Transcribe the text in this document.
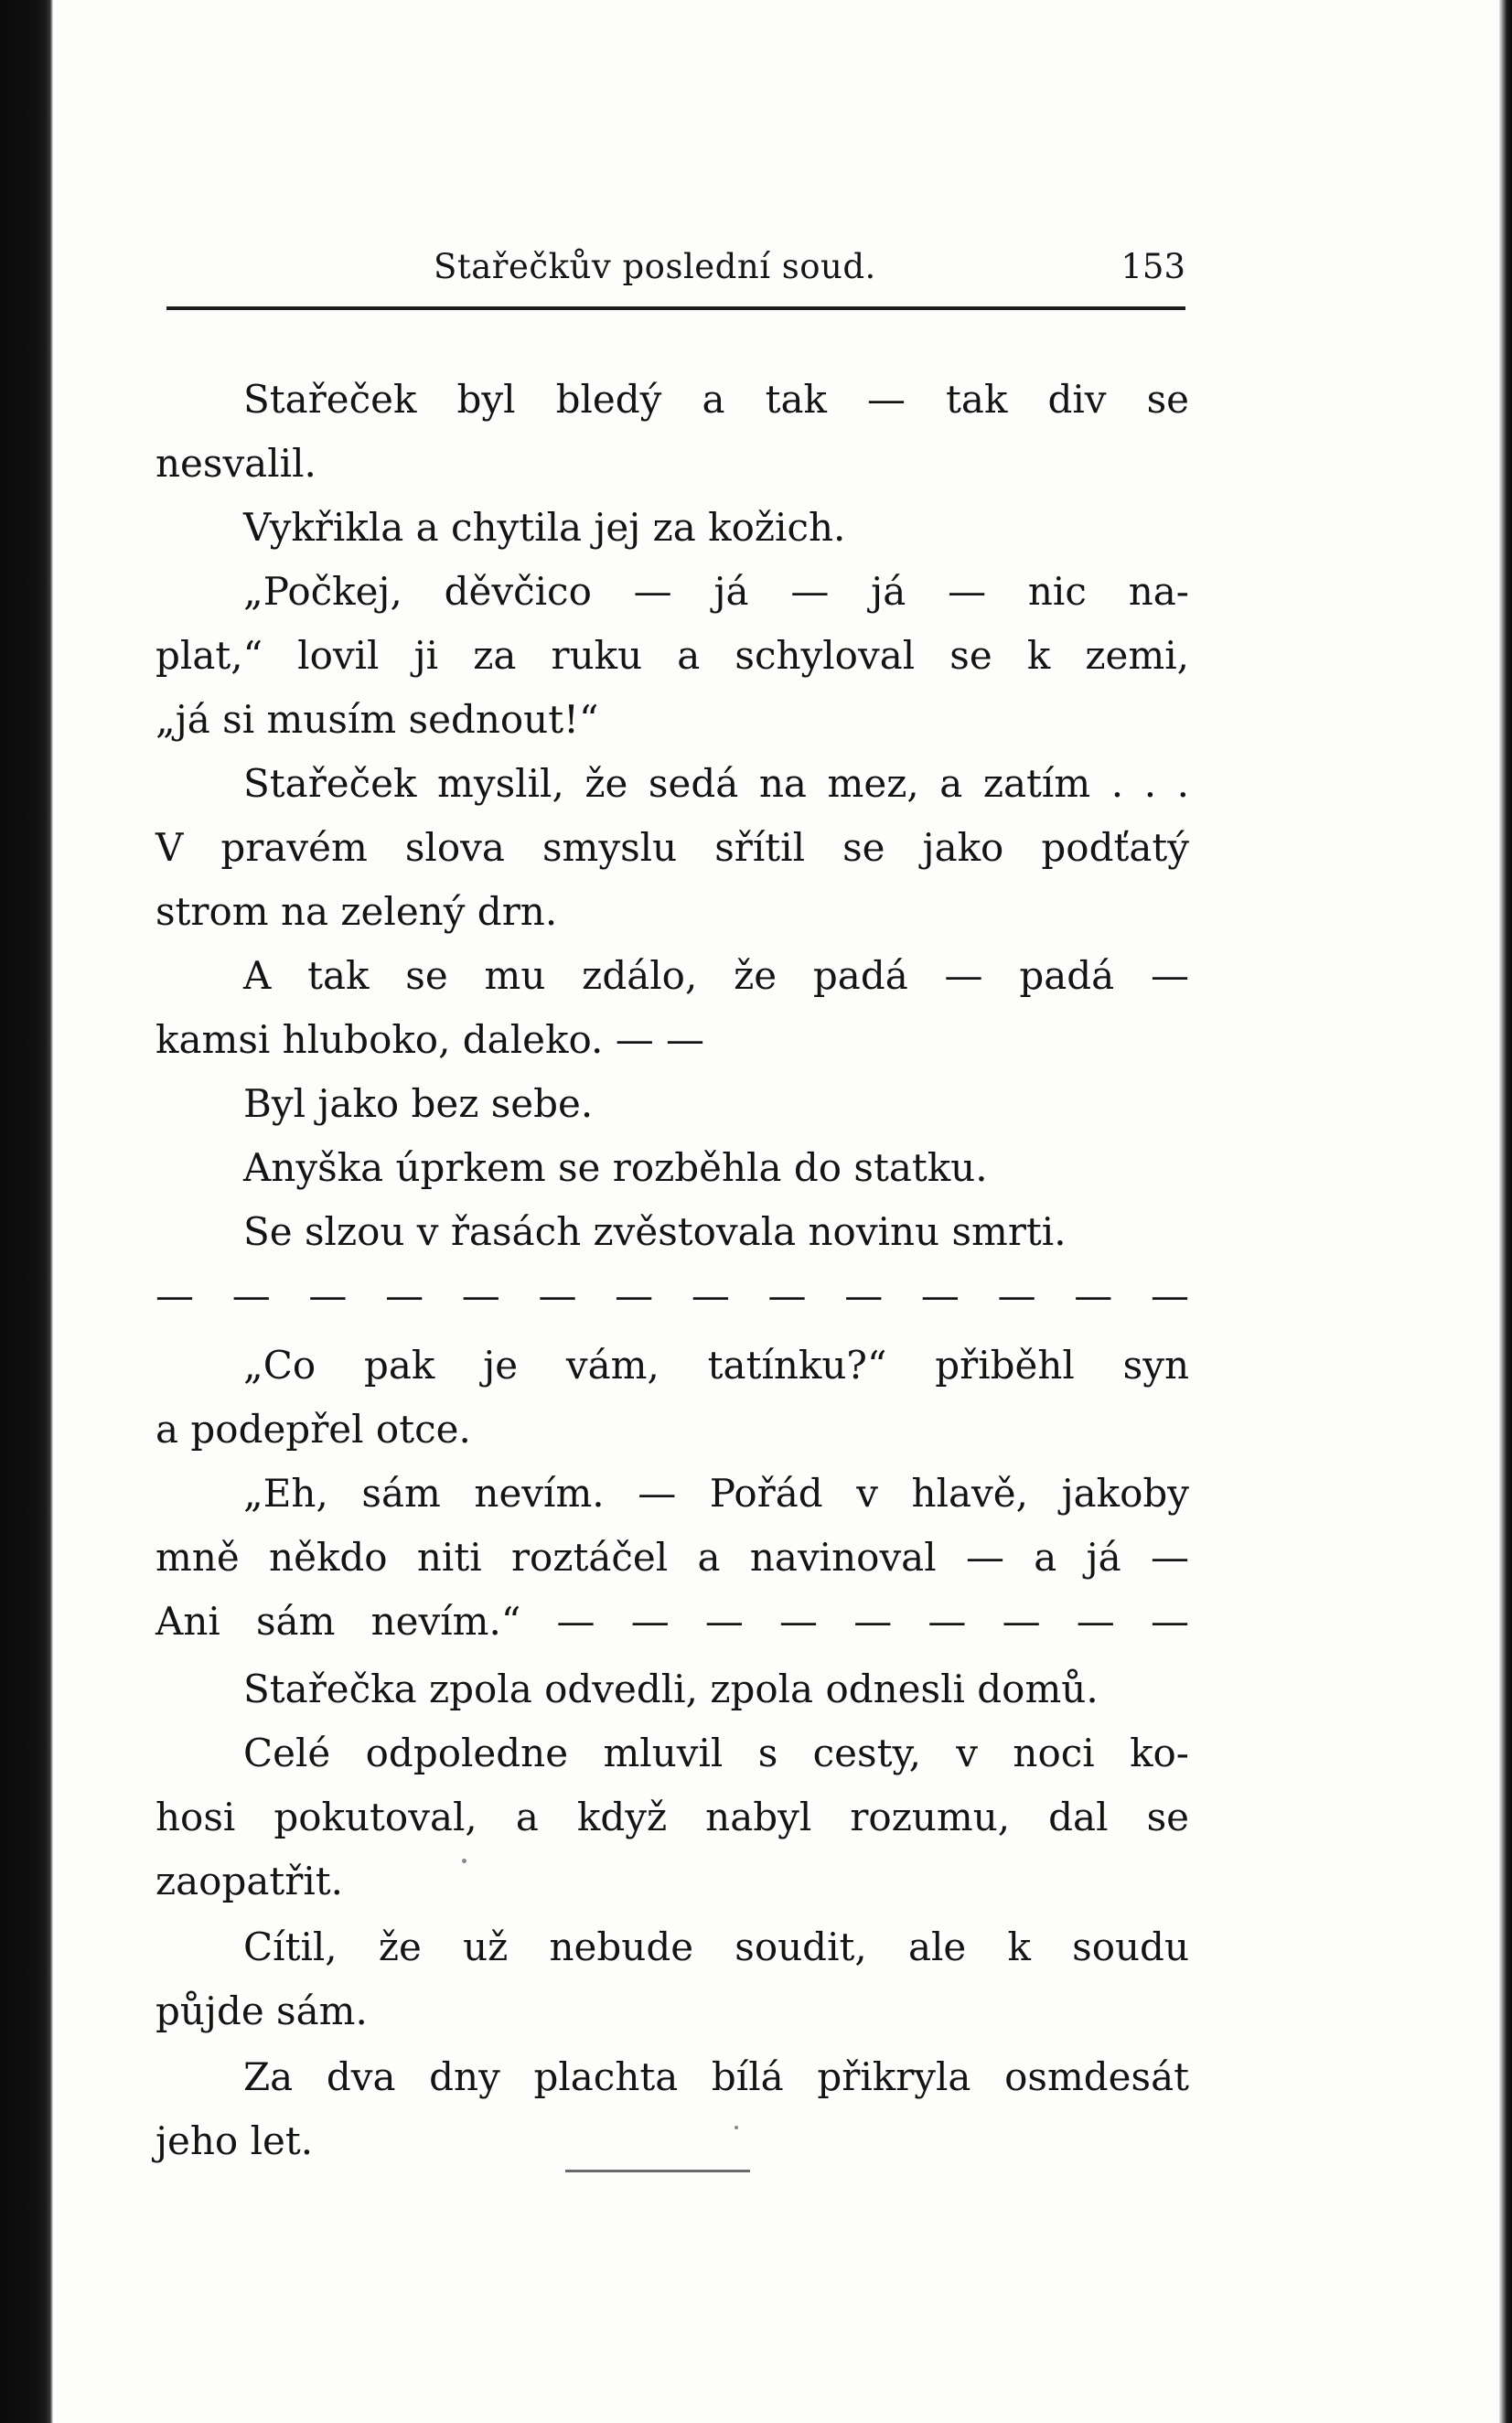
Stařečkův poslední soud.	153
Stařeček byl bledý a tak — tak div se
nesvalil.
Vykřikla a chytila jej za kožich.
„Počkej, děvčico — já — já — nic na-
plat,“ lovil ji za ruku a schyloval se k zemi,
„já si musím sednout!“
Stařeček myslil, že sedá na mez, a zatím . . .
V pravém slova smyslu sřítil se jako podťatý
strom na zelený drn.
A tak se mu zdálo, že padá — padá —
kamsi hluboko, daleko. — —
Byl jako bez sebe.
Anyška úprkem se rozběhla do statku.
Se slzou v řasách zvěstovala novinu smrti.
— — — — — — — — — — — — — —
„Co pak je vám, tatínku?“ přiběhl syn
a podepřel otce.
„Eh, sám nevím. — Pořád v hlavě, jakoby
mně někdo niti roztáčel a navinoval — a já —
Ani sám nevím.“ — — — — — — — — —
Stařečka zpola odvedli, zpola odnesli domů.
Celé odpoledne mluvil s cesty, v noci ko-
hosi pokutoval, a když nabyl rozumu, dal se
zaopatřit.
Cítil, že už nebude soudit, ale k soudu
půjde sám.
Za dva dny plachta bílá přikryla osmdesát
jeho let.
